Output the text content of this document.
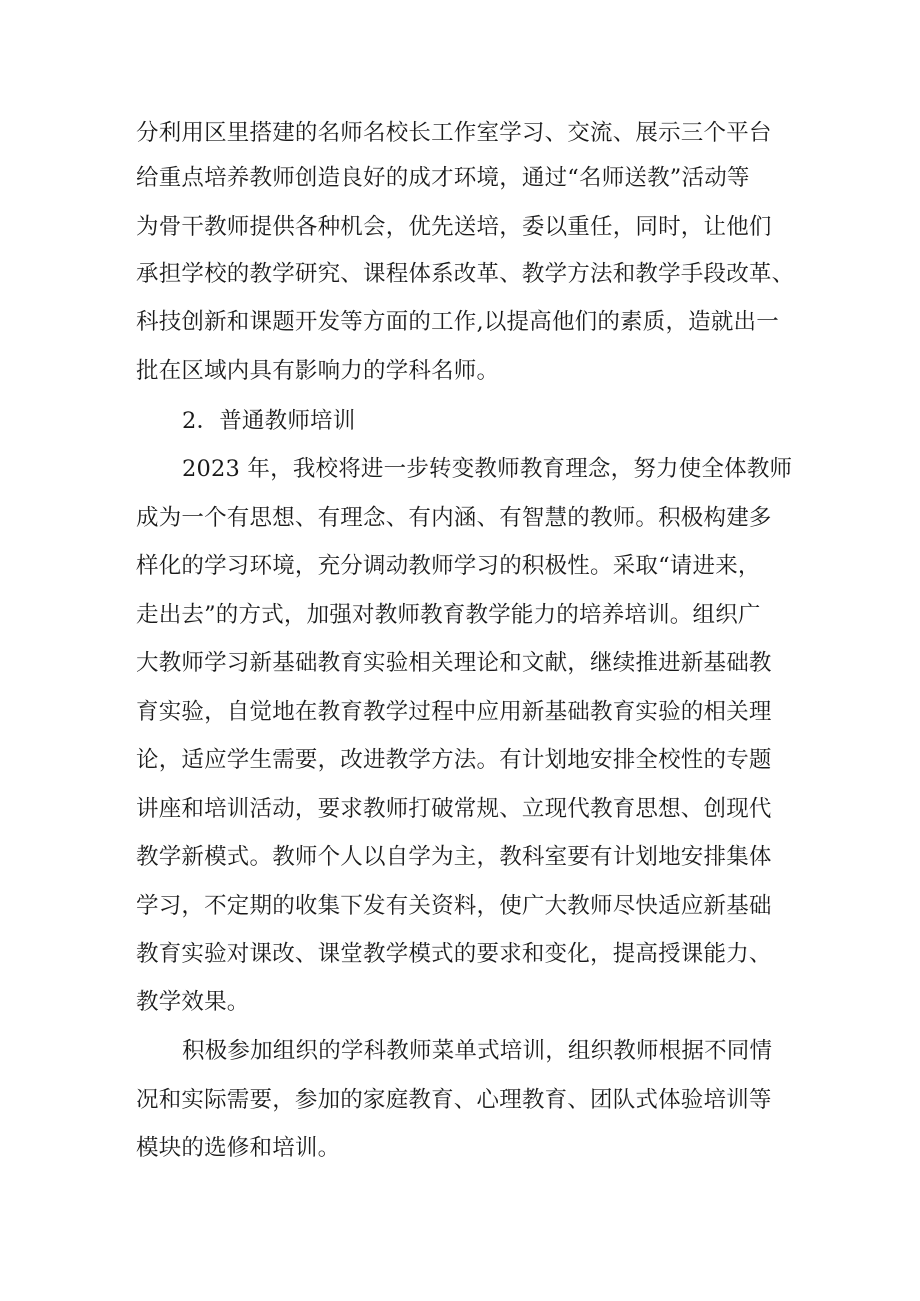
分利用区里搭建的名师名校长工作室学习、交流、展示三个平台
给重点培养教师创造良好的成才环境，通过“名师送教”活动等
为骨干教师提供各种机会，优先送培，委以重任，同时，让他们
承担学校的教学研究、课程体系改革、教学方法和教学手段改革、
科技创新和课题开发等方面的工作,以提高他们的素质，造就出一
批在区域内具有影响力的学科名师。
2．普通教师培训
2023 年，我校将进一步转变教师教育理念，努力使全体教师
成为一个有思想、有理念、有内涵、有智慧的教师。积极构建多
样化的学习环境，充分调动教师学习的积极性。采取“请进来，
走出去”的方式，加强对教师教育教学能力的培养培训。组织广
大教师学习新基础教育实验相关理论和文献，继续推进新基础教
育实验，自觉地在教育教学过程中应用新基础教育实验的相关理
论，适应学生需要，改进教学方法。有计划地安排全校性的专题
讲座和培训活动，要求教师打破常规、立现代教育思想、创现代
教学新模式。教师个人以自学为主，教科室要有计划地安排集体
学习，不定期的收集下发有关资料，使广大教师尽快适应新基础
教育实验对课改、课堂教学模式的要求和变化，提高授课能力、
教学效果。
积极参加组织的学科教师菜单式培训，组织教师根据不同情
况和实际需要，参加的家庭教育、心理教育、团队式体验培训等
模块的选修和培训。
